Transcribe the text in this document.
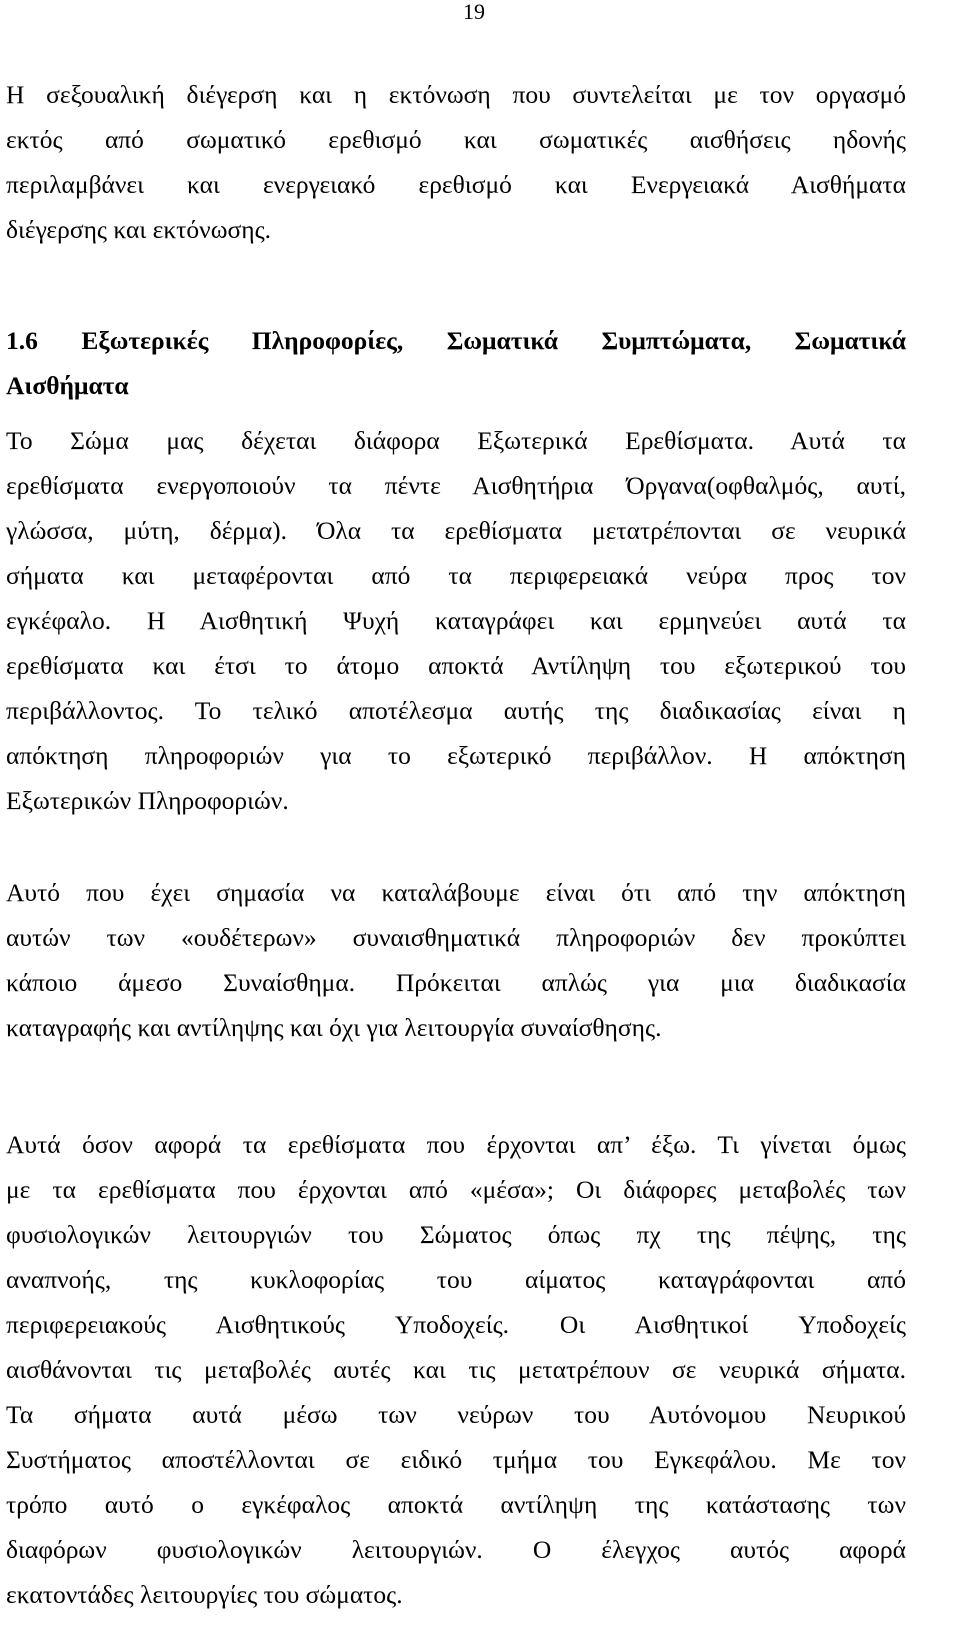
19
Η σεξουαλική διέγερση και η εκτόνωση που συντελείται με τον οργασμό
εκτός από σωματικό ερεθισμό και σωματικές αισθήσεις ηδονής
περιλαμβάνει και ενεργειακό ερεθισμό και Ενεργειακά Αισθήματα
διέγερσης και εκτόνωσης.
1.6 Εξωτερικές Πληροφορίες, Σωματικά Συμπτώματα, Σωματικά
Αισθήματα
Το Σώμα μας δέχεται διάφορα Εξωτερικά Ερεθίσματα. Αυτά τα
ερεθίσματα ενεργοποιούν τα πέντε Αισθητήρια Όργανα(οφθαλμός, αυτί,
γλώσσα, μύτη, δέρμα). Όλα τα ερεθίσματα μετατρέπονται σε νευρικά
σήματα και μεταφέρονται από τα περιφερειακά νεύρα προς τον
εγκέφαλο. Η Αισθητική Ψυχή καταγράφει και ερμηνεύει αυτά τα
ερεθίσματα και έτσι το άτομο αποκτά Αντίληψη του εξωτερικού του
περιβάλλοντος. Το τελικό αποτέλεσμα αυτής της διαδικασίας είναι η
απόκτηση πληροφοριών για το εξωτερικό περιβάλλον. Η απόκτηση
Εξωτερικών Πληροφοριών.
Αυτό που έχει σημασία να καταλάβουμε είναι ότι από την απόκτηση
αυτών των «ουδέτερων» συναισθηματικά πληροφοριών δεν προκύπτει
κάποιο άμεσο Συναίσθημα. Πρόκειται απλώς για μια διαδικασία
καταγραφής και αντίληψης και όχι για λειτουργία συναίσθησης.
Αυτά όσον αφορά τα ερεθίσματα που έρχονται απ’ έξω. Τι γίνεται όμως
με τα ερεθίσματα που έρχονται από «μέσα»; Οι διάφορες μεταβολές των
φυσιολογικών λειτουργιών του Σώματος όπως πχ της πέψης, της
αναπνοής, της κυκλοφορίας του αίματος καταγράφονται από
περιφερειακούς Αισθητικούς Υποδοχείς. Οι Αισθητικοί Υποδοχείς
αισθάνονται τις μεταβολές αυτές και τις μετατρέπουν σε νευρικά σήματα.
Τα σήματα αυτά μέσω των νεύρων του Αυτόνομου Νευρικού
Συστήματος αποστέλλονται σε ειδικό τμήμα του Εγκεφάλου. Με τον
τρόπο αυτό ο εγκέφαλος αποκτά αντίληψη της κατάστασης των
διαφόρων φυσιολογικών λειτουργιών. Ο έλεγχος αυτός αφορά
εκατοντάδες λειτουργίες του σώματος.
